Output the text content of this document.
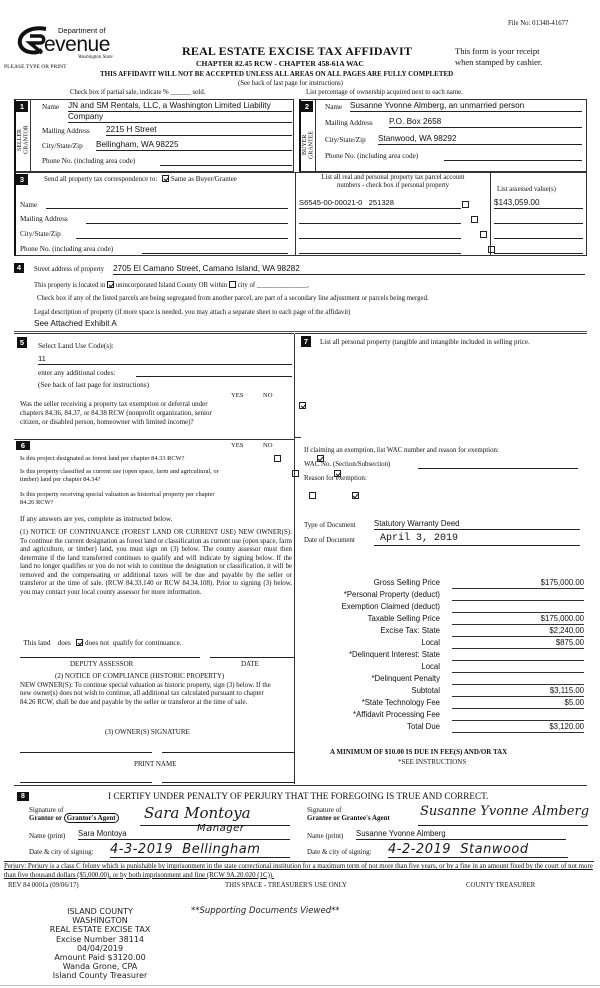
File No: 01348-41677
Department of
evenue
Washington State
PLEASE TYPE OR PRINT
REAL ESTATE EXCISE TAX AFFIDAVIT
CHAPTER 82.45 RCW - CHAPTER 458-61A WAC
This form is your receipt
when stamped by cashier.
THIS AFFIDAVIT WILL NOT BE ACCEPTED UNLESS ALL AREAS ON ALL PAGES ARE FULLY COMPLETED
(See back of last page for instructions)
Check box if partial sale, indicate % ______ sold.	List percentage of ownership acquired next to each name.
1
SELLER
GRANTOR
Name JN and SM Rentals, LLC, a Washington Limited Liability
Company
Mailing Address 2215 H Street
City/State/Zip Bellingham, WA 98225
Phone No. (including area code)
2
BUYER
GRANTEE
Name Susanne Yvonne Almberg, an unmarried person
Mailing Address P.O. Box 2658
City/State/Zip Stanwood, WA 98292
Phone No. (including area code)
3	Send all property tax correspondence to: Same as Buyer/Grantee
Name
Mailing Address
City/State/Zip
Phone No. (including area code)
List all real and personal property tax parcel account
numbers - check box if personal property
List assessed value(s)
S6545-00-00021-0   251328
	$143,059.00

4	Street address of property 2705 El Camano Street, Camano Island, WA 98282
This property is located in unincorporated Island County OR within city of _______________.
Check box if any of the listed parcels are being segregated from another parcel, are part of a secondary line adjustment or parcels being merged.
Legal description of property (if more space is needed, you may attach a separate sheet to each page of the affidavit)
See Attached Exhibit A
5	Select Land Use Code(s):
11
enter any additional codes:
(See back of last page for instructions)
YES	NO
Was the seller receiving a property tax exemption or deferral under chapters 84.36, 84.37, or 84.38 RCW (nonprofit organization, senior citizen, or disabled person, homeowner with limited income)?

6	YES	NO
Is this project designated as forest land per chapter 84.33 RCW?

Is this property classified as current use (open space, farm and agricultural, or timber) land per chapter 84.34?

Is this property receiving special valuation as historical property per chapter 84.26 RCW?

If any answers are yes, complete as instructed below.
(1) NOTICE OF CONTINUANCE (FOREST LAND OR CURRENT USE) NEW OWNER(S): To continue the current designation as forest land or classification as current use (open space, farm and agriculture, or timber) land, you must sign on (3) below. The county assessor must then determine if the land transferred continues to qualify and will indicate by signing below. If the land no longer qualifies or you do not wish to continue the designation or classification, it will be removed and the compensating or additional taxes will be due and payable by the seller or transferor at the time of sale. (RCW 84.33.140 or RCW 84.34.108). Prior to signing (3) below, you may contact your local county assessor for more information.

This land does does not qualify for continuance.

DEPUTY ASSESSOR	DATE
(2) NOTICE OF COMPLIANCE (HISTORIC PROPERTY)
NEW OWNER(S): To continue special valuation as historic property, sign (3) below. If the new owner(s) does not wish to continue, all additional tax calculated pursuant to chapter 84.26 RCW, shall be due and payable by the seller or transferor at the time of sale.
(3) OWNER(S) SIGNATURE
PRINT NAME
7	List all personal property (tangible and intangible included in selling price.
If claiming an exemption, list WAC number and reason for exemption:
WAC No. (Section/Subsection)
Reason for exemption:
Type of Document Statutory Warranty Deed
Date of Document	April 3, 2019
Gross Selling Price	$175,000.00
*Personal Property (deduct)
Exemption Claimed (deduct)
Taxable Selling Price	$175,000.00
Excise Tax: State	$2,240.00
Local	$875.00
*Delinquent Interest: State
Local
*Delinquent Penalty
Subtotal	$3,115.00
*State Technology Fee	$5.00
*Affidavit Processing Fee
Total Due	$3,120.00
A MINIMUM OF $10.00 IS DUE IN FEE(S) AND/OR TAX
*SEE INSTRUCTIONS
8	I CERTIFY UNDER PENALTY OF PERJURY THAT THE FOREGOING IS TRUE AND CORRECT.
Signature of
Grantor or Grantor's Agent Sara Montoya
Manager
Name (print) Sara Montoya
Date & city of signing: 4-3-2019  Bellingham
Signature of
Grantee or Grantee's Agent Susanne Yvonne Almberg
Name (print) Susanne Yvonne Almberg
Date & city of signing: 4-2-2019  Stanwood
Perjury: Perjury is a class C felony which is punishable by imprisonment in the state correctional institution for a maximum term of not more than five years, or by a fine in an amount fixed by the court of not more than five thousand dollars ($5,000.00), or by both imprisonment and fine (RCW 9A.20.020 (1C)).
REV 84 0001a (09/06/17)	THIS SPACE - TREASURER'S USE ONLY	COUNTY TREASURER
ISLAND COUNTY WASHINGTON
REAL ESTATE EXCISE TAX
Excise Number 38114
04/04/2019
Amount Paid $3120.00
Wanda Grone, CPA
Island County Treasurer
**Supporting Documents Viewed**
